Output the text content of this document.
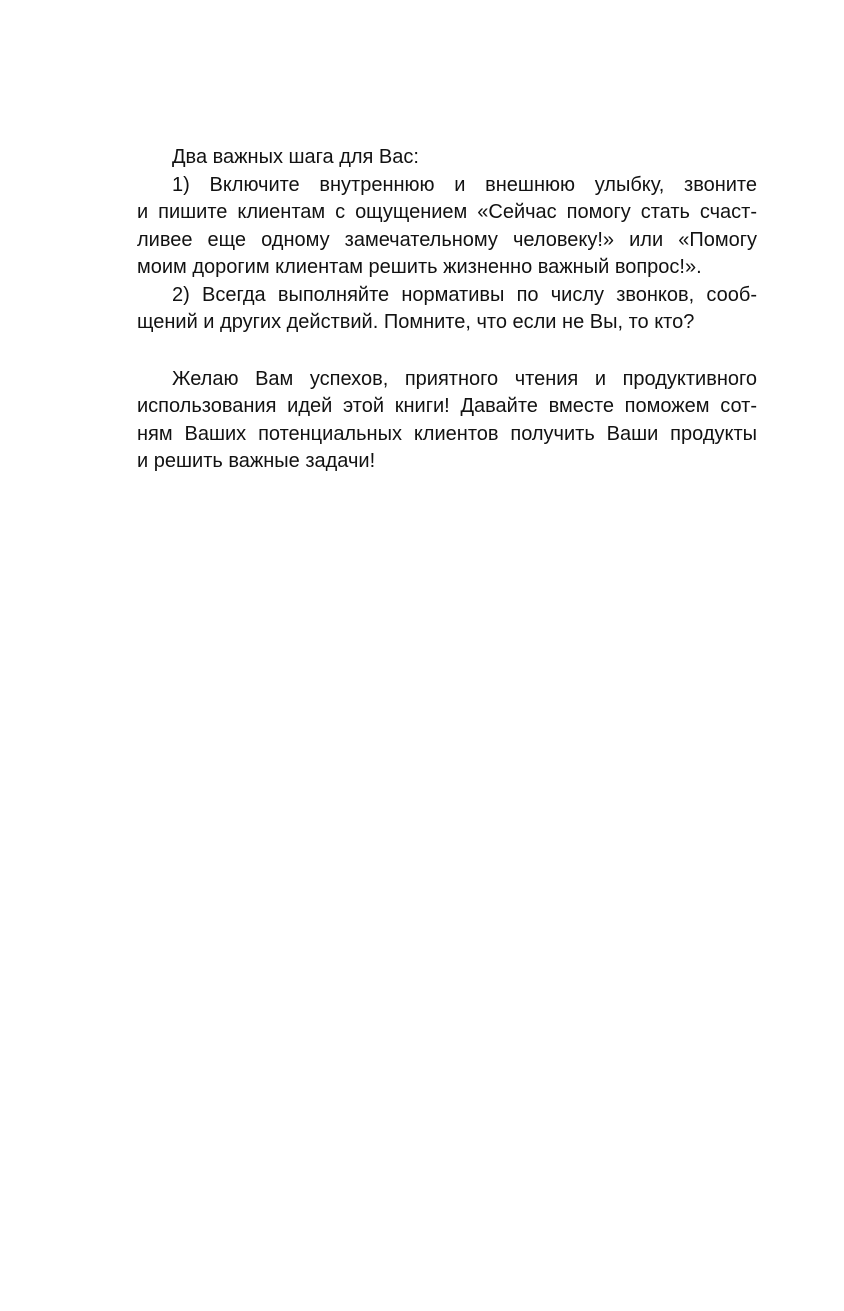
Два важных шага для Вас:

1) Включите внутреннюю и внешнюю улыбку, звоните
и пишите клиентам с ощущением «Сейчас помогу стать счаст-
ливее еще одному замечательному человеку!» или «Помогу
моим дорогим клиентам решить жизненно важный вопрос!».

2) Всегда выполняйте нормативы по числу звонков, сооб-
щений и других действий. Помните, что если не Вы, то кто?

Желаю Вам успехов, приятного чтения и продуктивного
использования идей этой книги! Давайте вместе поможем сот-
ням Ваших потенциальных клиентов получить Ваши продукты
и решить важные задачи!
